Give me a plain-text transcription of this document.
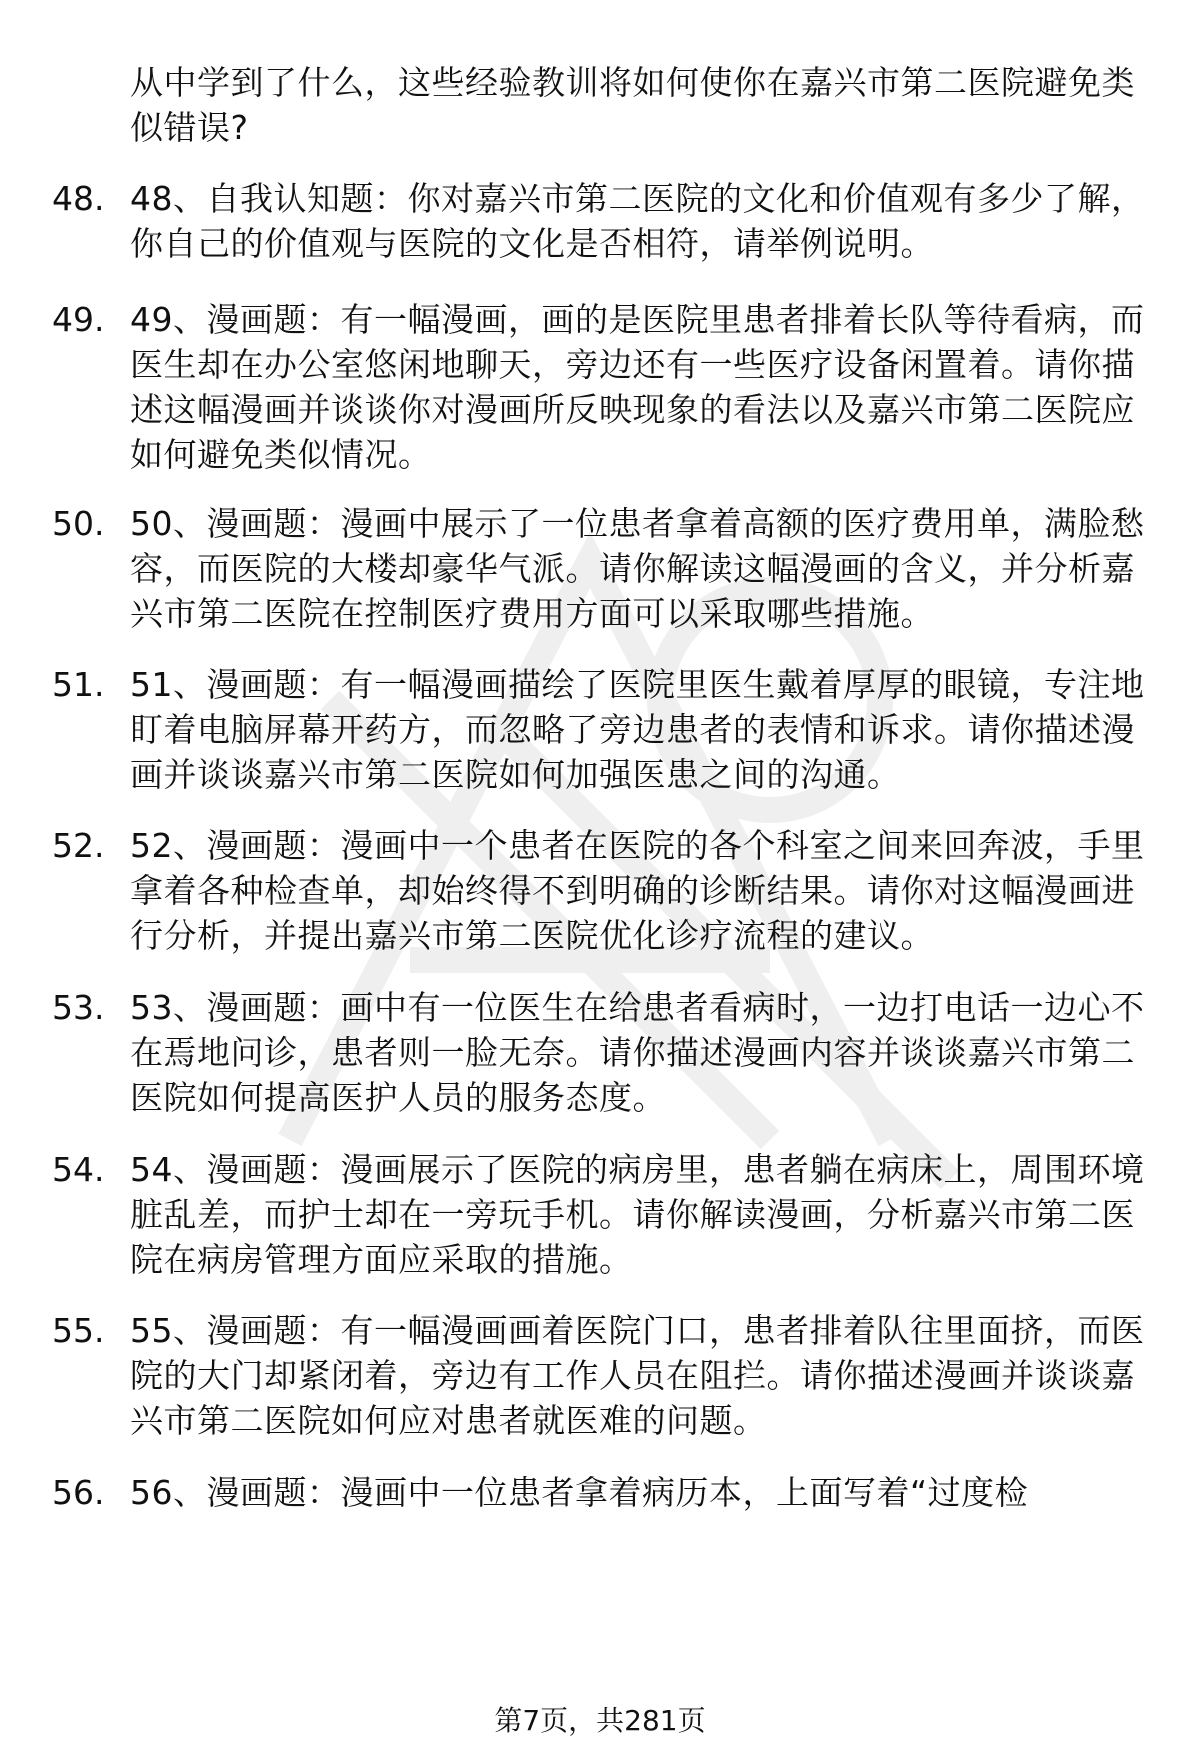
从中学到了什么，这些经验教训将如何使你在嘉兴市第二医院避免类似错误?
48. 48、自我认知题：你对嘉兴市第二医院的文化和价值观有多少了解，你自己的价值观与医院的文化是否相符，请举例说明。
49. 49、漫画题：有一幅漫画，画的是医院里患者排着长队等待看病，而医生却在办公室悠闲地聊天，旁边还有一些医疗设备闲置着。请你描述这幅漫画并谈谈你对漫画所反映现象的看法以及嘉兴市第二医院应如何避免类似情况。
50. 50、漫画题：漫画中展示了一位患者拿着高额的医疗费用单，满脸愁容，而医院的大楼却豪华气派。请你解读这幅漫画的含义，并分析嘉兴市第二医院在控制医疗费用方面可以采取哪些措施。
51. 51、漫画题：有一幅漫画描绘了医院里医生戴着厚厚的眼镜，专注地盯着电脑屏幕开药方，而忽略了旁边患者的表情和诉求。请你描述漫画并谈谈嘉兴市第二医院如何加强医患之间的沟通。
52. 52、漫画题：漫画中一个患者在医院的各个科室之间来回奔波，手里拿着各种检查单，却始终得不到明确的诊断结果。请你对这幅漫画进行分析，并提出嘉兴市第二医院优化诊疗流程的建议。
53. 53、漫画题：画中有一位医生在给患者看病时，一边打电话一边心不在焉地问诊，患者则一脸无奈。请你描述漫画内容并谈谈嘉兴市第二医院如何提高医护人员的服务态度。
54. 54、漫画题：漫画展示了医院的病房里，患者躺在病床上，周围环境脏乱差，而护士却在一旁玩手机。请你解读漫画，分析嘉兴市第二医院在病房管理方面应采取的措施。
55. 55、漫画题：有一幅漫画画着医院门口，患者排着队往里面挤，而医院的大门却紧闭着，旁边有工作人员在阻拦。请你描述漫画并谈谈嘉兴市第二医院如何应对患者就医难的问题。
56. 56、漫画题：漫画中一位患者拿着病历本，上面写着“过度检
第7页，共281页
